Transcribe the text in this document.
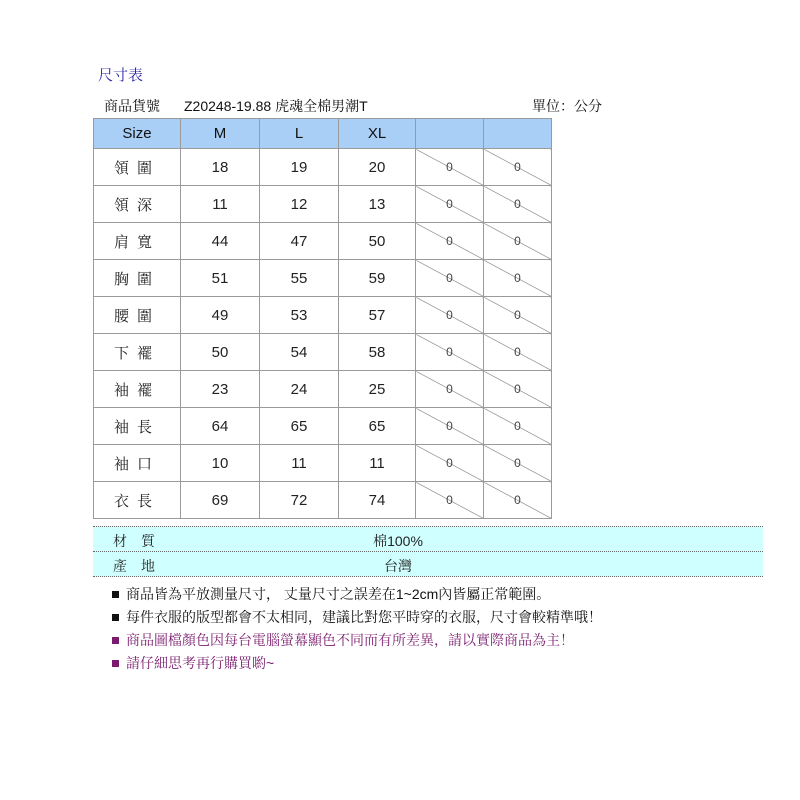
尺寸表
商品貨號 Z20248-19.88 虎魂全棉男潮T	單位：公分
Size	M	L	XL		
領圍	18	19	20	0	0
領深	11	12	13	0	0
肩寬	44	47	50	0	0
胸圍	51	55	59	0	0
腰圍	49	53	57	0	0
下襬	50	54	58	0	0
袖襬	23	24	25	0	0
袖長	64	65	65	0	0
袖口	10	11	11	0	0
衣長	69	72	74	0	0
材質	棉100%
產地	台灣
商品皆為平放測量尺寸， 丈量尺寸之誤差在1~2cm內皆屬正常範圍。
每件衣服的版型都會不太相同，建議比對您平時穿的衣服，尺寸會較精準哦！
商品圖檔顏色因每台電腦螢幕顯色不同而有所差異，請以實際商品為主！
請仔細思考再行購買喲~
